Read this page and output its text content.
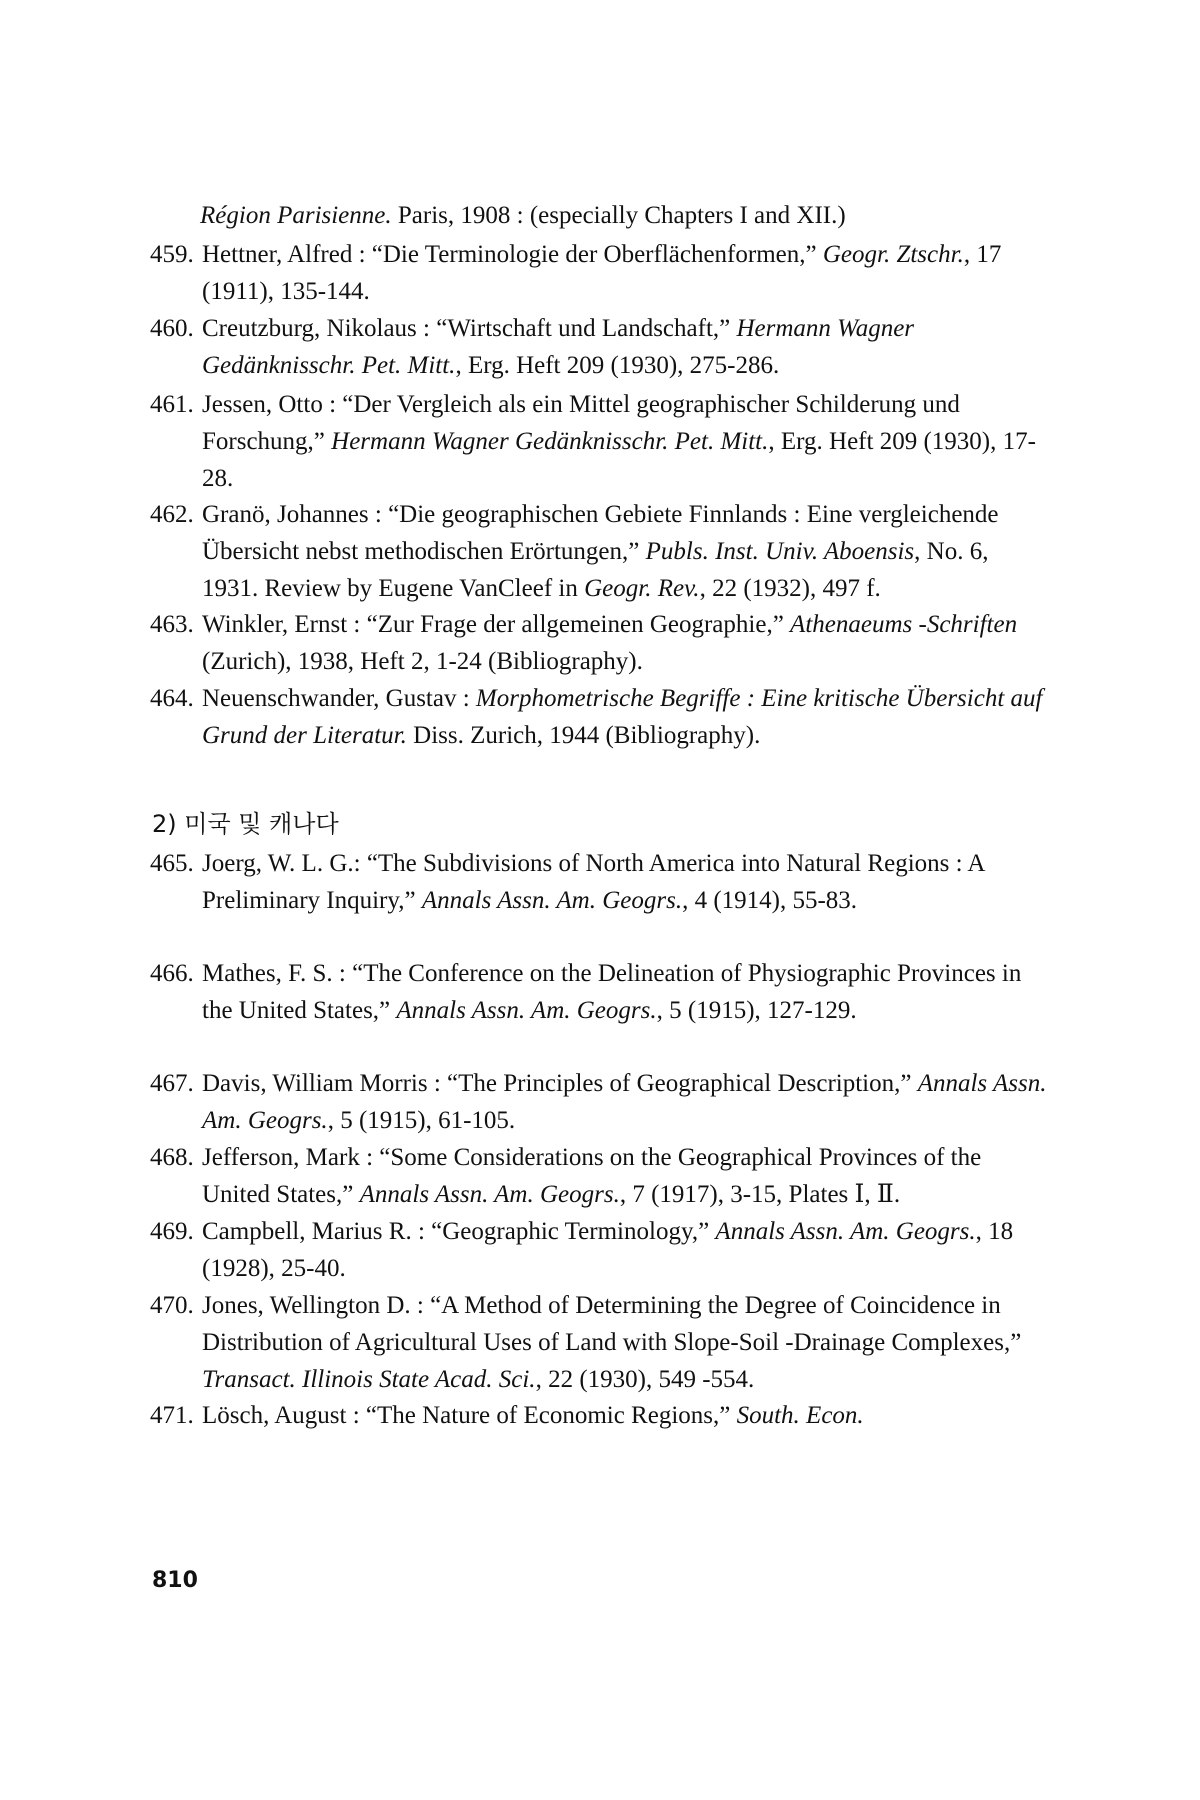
Région Parisienne. Paris, 1908 : (especially Chapters I and XII.)
459. Hettner, Alfred : “Die Terminologie der Oberflächenformen,” Geogr. Ztschr., 17 (1911), 135-144.
460. Creutzburg, Nikolaus : “Wirtschaft und Landschaft,” Hermann Wagner Gedänknisschr. Pet. Mitt., Erg. Heft 209 (1930), 275-286.
461. Jessen, Otto : “Der Vergleich als ein Mittel geographischer Schilderung und Forschung,” Hermann Wagner Gedänknisschr. Pet. Mitt., Erg. Heft 209 (1930), 17-28.
462. Granö, Johannes : “Die geographischen Gebiete Finnlands : Eine vergleichende Übersicht nebst methodischen Erörtungen,” Publs. Inst. Univ. Aboensis, No. 6, 1931. Review by Eugene VanCleef in Geogr. Rev., 22 (1932), 497 f.
463. Winkler, Ernst : “Zur Frage der allgemeinen Geographie,” Athenaeums -Schriften (Zurich), 1938, Heft 2, 1-24 (Bibliography).
464. Neuenschwander, Gustav : Morphometrische Begriffe : Eine kritische Übersicht auf Grund der Literatur. Diss. Zurich, 1944 (Bibliography).
2) 미국 및 캐나다
465. Joerg, W. L. G.: “The Subdivisions of North America into Natural Regions : A Preliminary Inquiry,” Annals Assn. Am. Geogrs., 4 (1914), 55-83.
466. Mathes, F. S. : “The Conference on the Delineation of Physiographic Provinces in the United States,” Annals Assn. Am. Geogrs., 5 (1915), 127-129.
467. Davis, William Morris : “The Principles of Geographical Description,” Annals Assn. Am. Geogrs., 5 (1915), 61-105.
468. Jefferson, Mark : “Some Considerations on the Geographical Provinces of the United States,” Annals Assn. Am. Geogrs., 7 (1917), 3-15, Plates Ⅰ, Ⅱ.
469. Campbell, Marius R. : “Geographic Terminology,” Annals Assn. Am. Geogrs., 18 (1928), 25-40.
470. Jones, Wellington D. : “A Method of Determining the Degree of Coincidence in Distribution of Agricultural Uses of Land with Slope-Soil -Drainage Complexes,” Transact. Illinois State Acad. Sci., 22 (1930), 549 -554.
471. Lösch, August : “The Nature of Economic Regions,” South. Econ.
810
